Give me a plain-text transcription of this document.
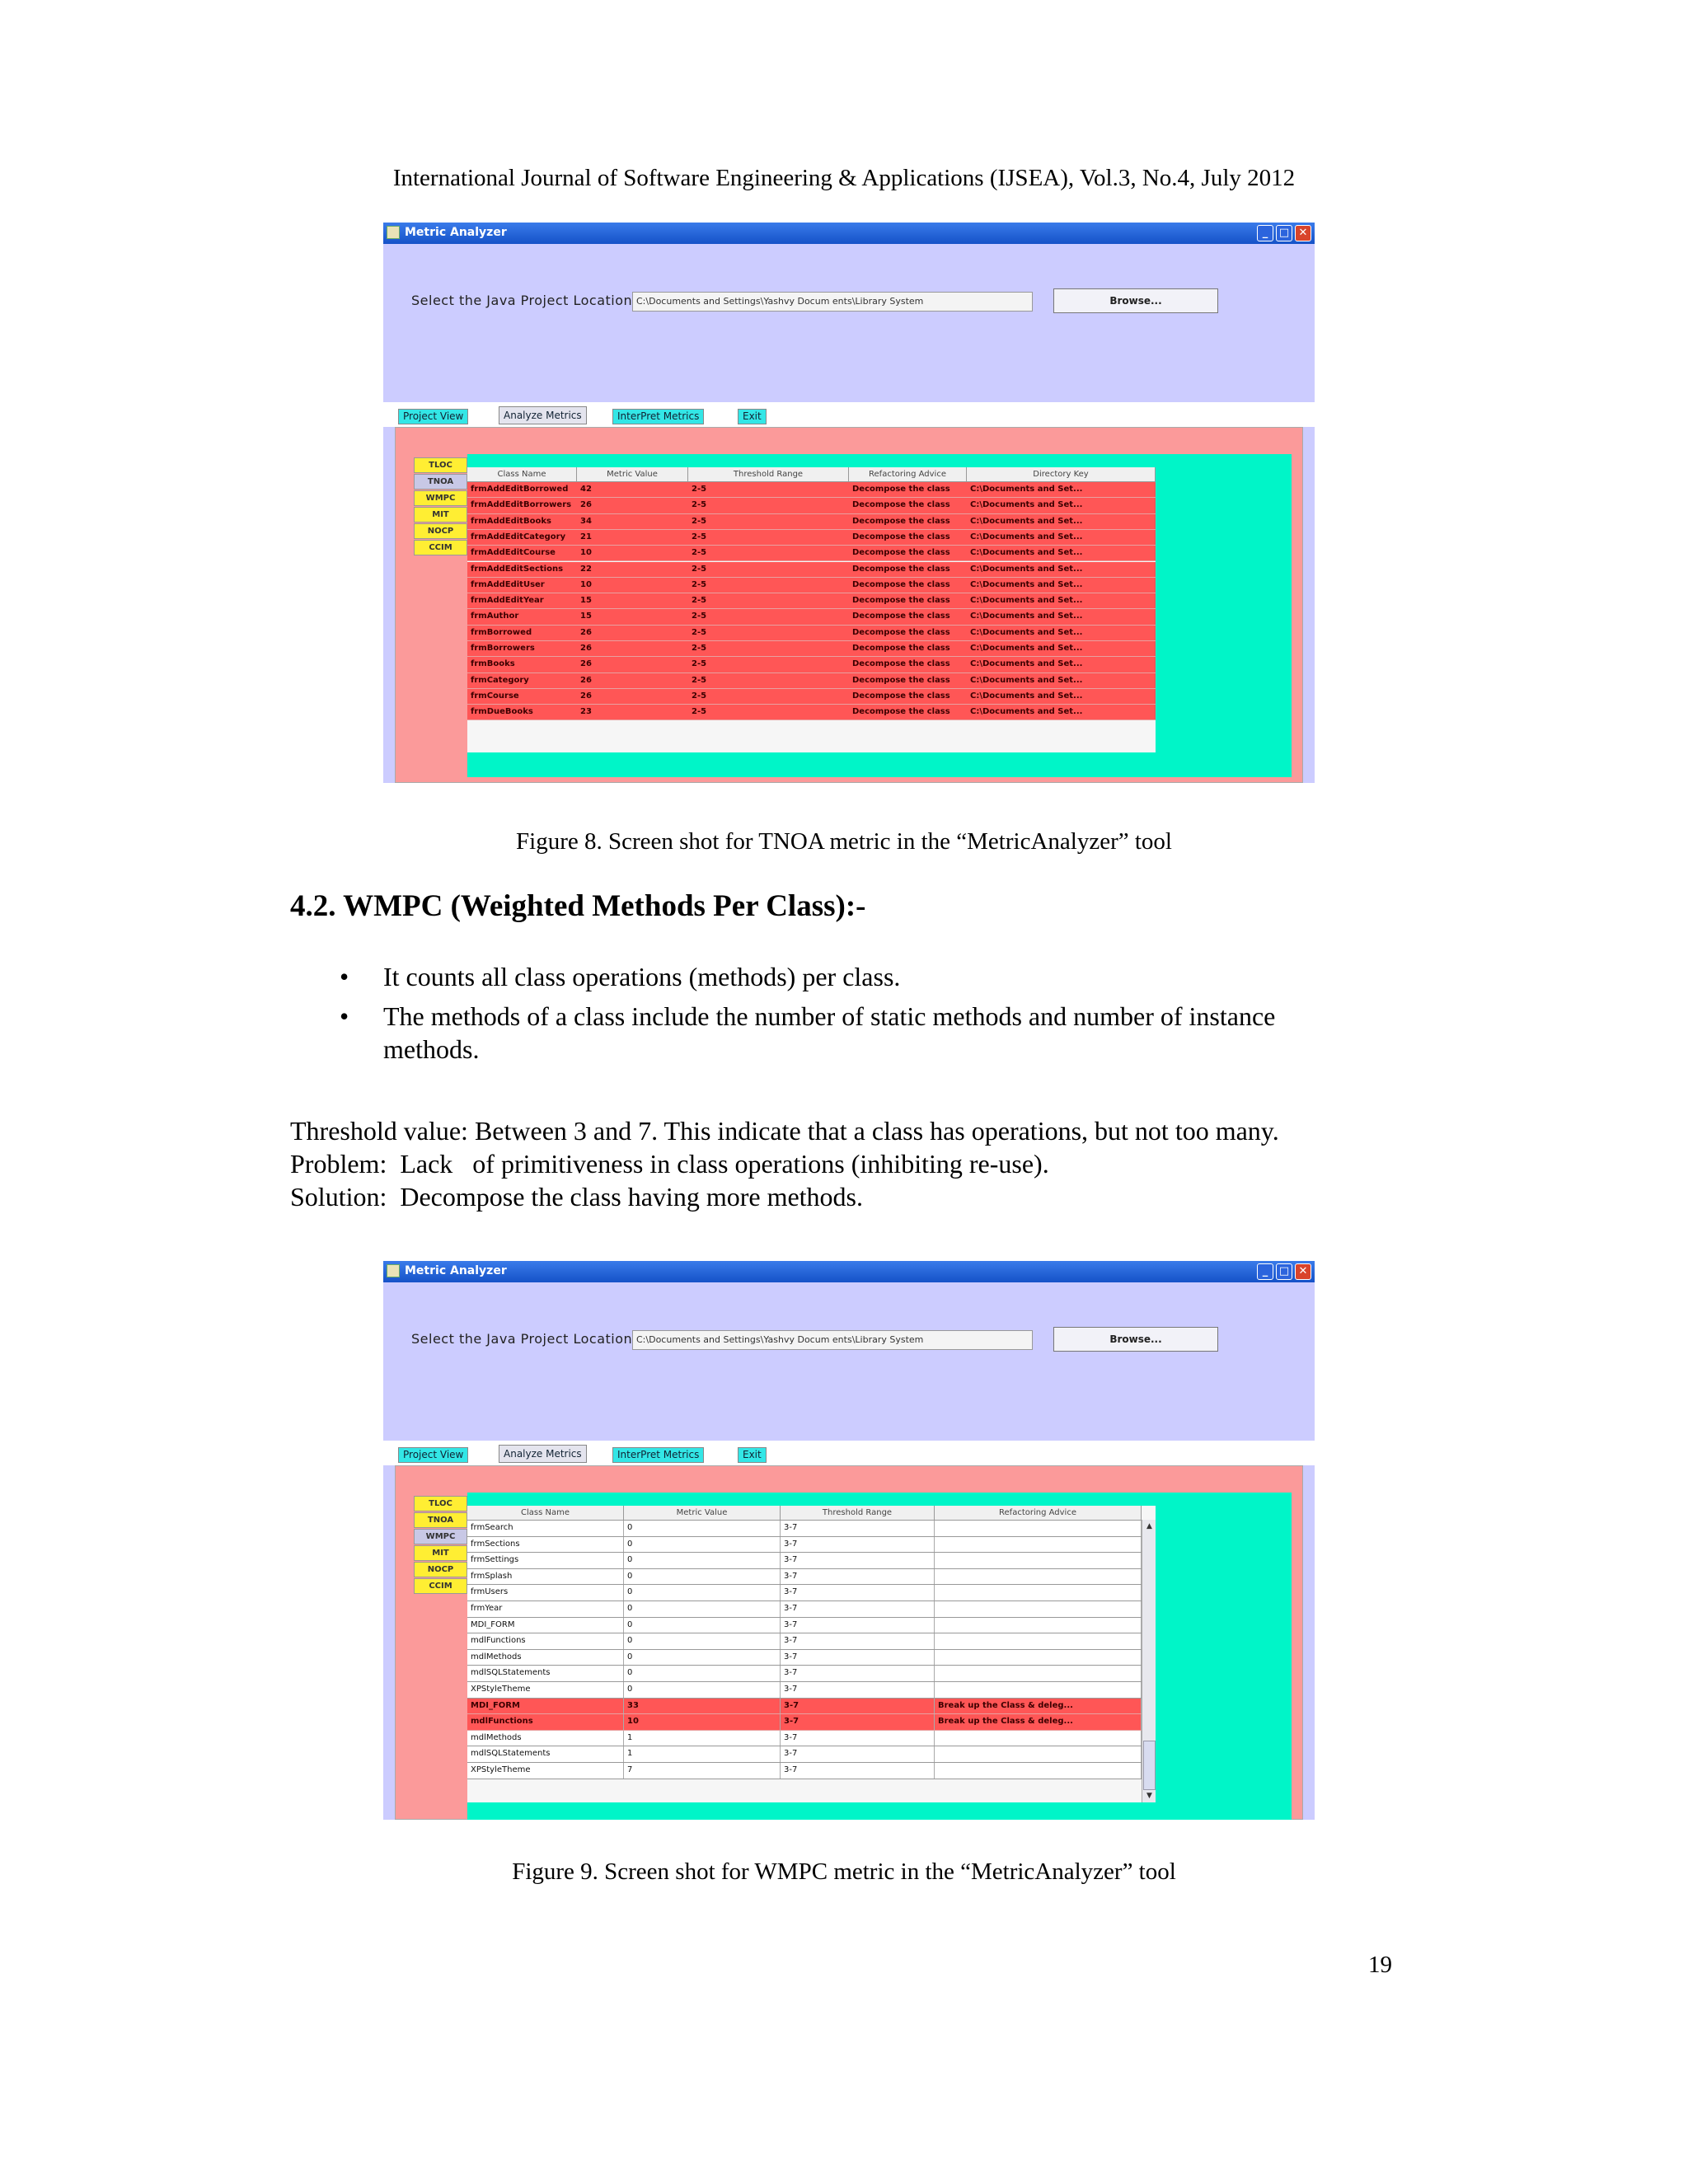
International Journal of Software Engineering & Applications (IJSEA), Vol.3, No.4, July 2012
Metric Analyzer	_	□ ✕
Select the Java Project Location C:\Documents and Settings\Yashvy Docum ents\Library System	Browse...
Project View	Analyze Metrics	InterPret Metrics	Exit
TLOC
TNOA
WMPC
MIT
NOCP
CCIM
Class Name	Metric Value	Threshold Range	Refactoring Advice	Directory Key
frmAddEditBorrowed	42	2-5	Decompose the class	C:\Documents and Set...
frmAddEditBorrowers	26	2-5	Decompose the class	C:\Documents and Set...
frmAddEditBooks	34	2-5	Decompose the class	C:\Documents and Set...
frmAddEditCategory	21	2-5	Decompose the class	C:\Documents and Set...
frmAddEditCourse	10	2-5	Decompose the class	C:\Documents and Set...
frmAddEditSections	22	2-5	Decompose the class	C:\Documents and Set...
frmAddEditUser	10	2-5	Decompose the class	C:\Documents and Set...
frmAddEditYear	15	2-5	Decompose the class	C:\Documents and Set...
frmAuthor	15	2-5	Decompose the class	C:\Documents and Set...
frmBorrowed	26	2-5	Decompose the class	C:\Documents and Set...
frmBorrowers	26	2-5	Decompose the class	C:\Documents and Set...
frmBooks	26	2-5	Decompose the class	C:\Documents and Set...
frmCategory	26	2-5	Decompose the class	C:\Documents and Set...
frmCourse	26	2-5	Decompose the class	C:\Documents and Set...
frmDueBooks	23	2-5	Decompose the class	C:\Documents and Set...
Figure 8. Screen shot for TNOA metric in the “MetricAnalyzer” tool
4.2. WMPC (Weighted Methods Per Class):-
• It counts all class operations (methods) per class.
• The methods of a class include the number of static methods and number of instance
methods.
Threshold value: Between 3 and 7. This indicate that a class has operations, but not too many.
Problem:  Lack   of primitiveness in class operations (inhibiting re-use).
Solution:  Decompose the class having more methods.
Metric Analyzer	_	□ ✕
Select the Java Project Location C:\Documents and Settings\Yashvy Docum ents\Library System	Browse...
Project View	Analyze Metrics	InterPret Metrics	Exit
TLOC
TNOA
WMPC
MIT
NOCP
CCIM
Class Name	Metric Value	Threshold Range	Refactoring Advice
frmSearch	0	3-7
frmSections	0	3-7
frmSettings	0	3-7
frmSplash	0	3-7
frmUsers	0	3-7
frmYear	0	3-7
MDI_FORM	0	3-7
mdlFunctions	0	3-7
mdlMethods	0	3-7
mdlSQLStatements	0	3-7
XPStyleTheme	0	3-7
MDI_FORM	33	3-7	Break up the Class & deleg...
mdlFunctions	10	3-7	Break up the Class & deleg...
mdlMethods	1	3-7
mdlSQLStatements	1	3-7
XPStyleTheme	7	3-7
▲
▼
Figure 9. Screen shot for WMPC metric in the “MetricAnalyzer” tool
19
